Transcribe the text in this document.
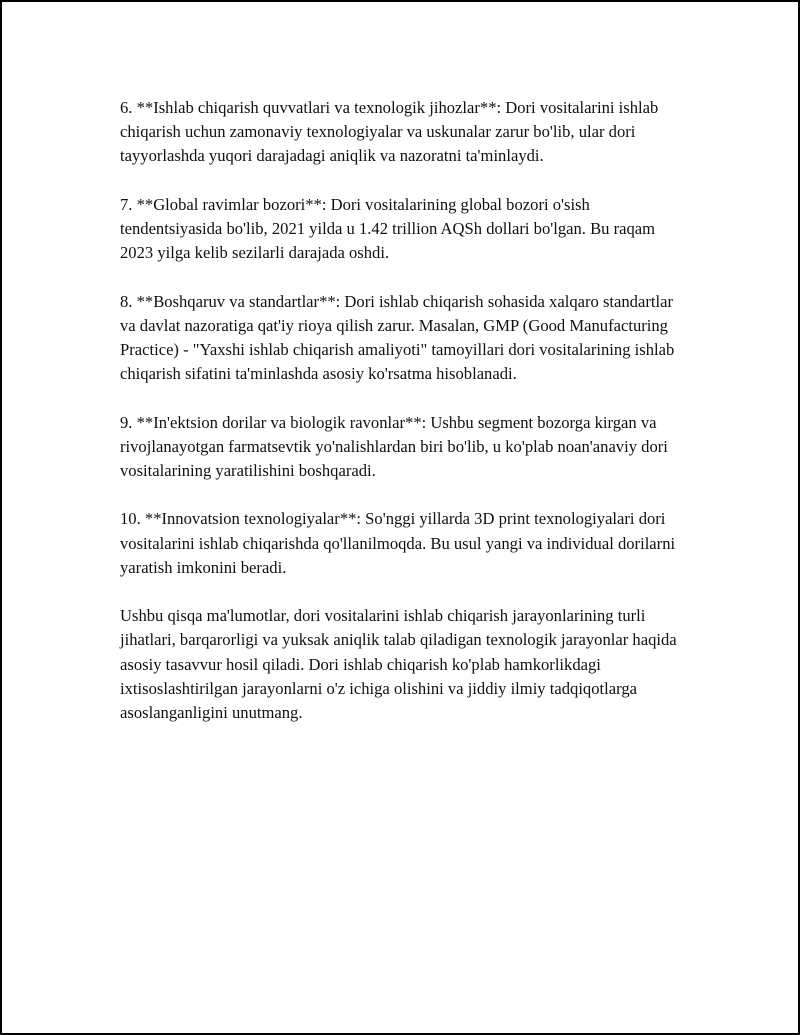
6. **Ishlab chiqarish quvvatlari va texnologik jihozlar**: Dori vositalarini ishlab chiqarish uchun zamonaviy texnologiyalar va uskunalar zarur bo'lib, ular dori tayyorlashda yuqori darajadagi aniqlik va nazoratni ta'minlaydi.

7. **Global ravimlar bozori**: Dori vositalarining global bozori o'sish tendentsiyasida bo'lib, 2021 yilda u 1.42 trillion AQSh dollari bo'lgan. Bu raqam 2023 yilga kelib sezilarli darajada oshdi.

8. **Boshqaruv va standartlar**: Dori ishlab chiqarish sohasida xalqaro standartlar va davlat nazoratiga qat'iy rioya qilish zarur. Masalan, GMP (Good Manufacturing Practice) - "Yaxshi ishlab chiqarish amaliyoti" tamoyillari dori vositalarining ishlab chiqarish sifatini ta'minlashda asosiy ko'rsatma hisoblanadi.

9. **In'ektsion dorilar va biologik ravonlar**: Ushbu segment bozorga kirgan va rivojlanayotgan farmatsevtik yo'nalishlardan biri bo'lib, u ko'plab noan'anaviy dori vositalarining yaratilishini boshqaradi.

10. **Innovatsion texnologiyalar**: So'nggi yillarda 3D print texnologiyalari dori vositalarini ishlab chiqarishda qo'llanilmoqda. Bu usul yangi va individual dorilarni yaratish imkonini beradi.

Ushbu qisqa ma'lumotlar, dori vositalarini ishlab chiqarish jarayonlarining turli jihatlari, barqarorligi va yuksak aniqlik talab qiladigan texnologik jarayonlar haqida asosiy tasavvur hosil qiladi. Dori ishlab chiqarish ko'plab hamkorlikdagi ixtisoslashtirilgan jarayonlarni o'z ichiga olishini va jiddiy ilmiy tadqiqotlarga asoslanganligini unutmang.
